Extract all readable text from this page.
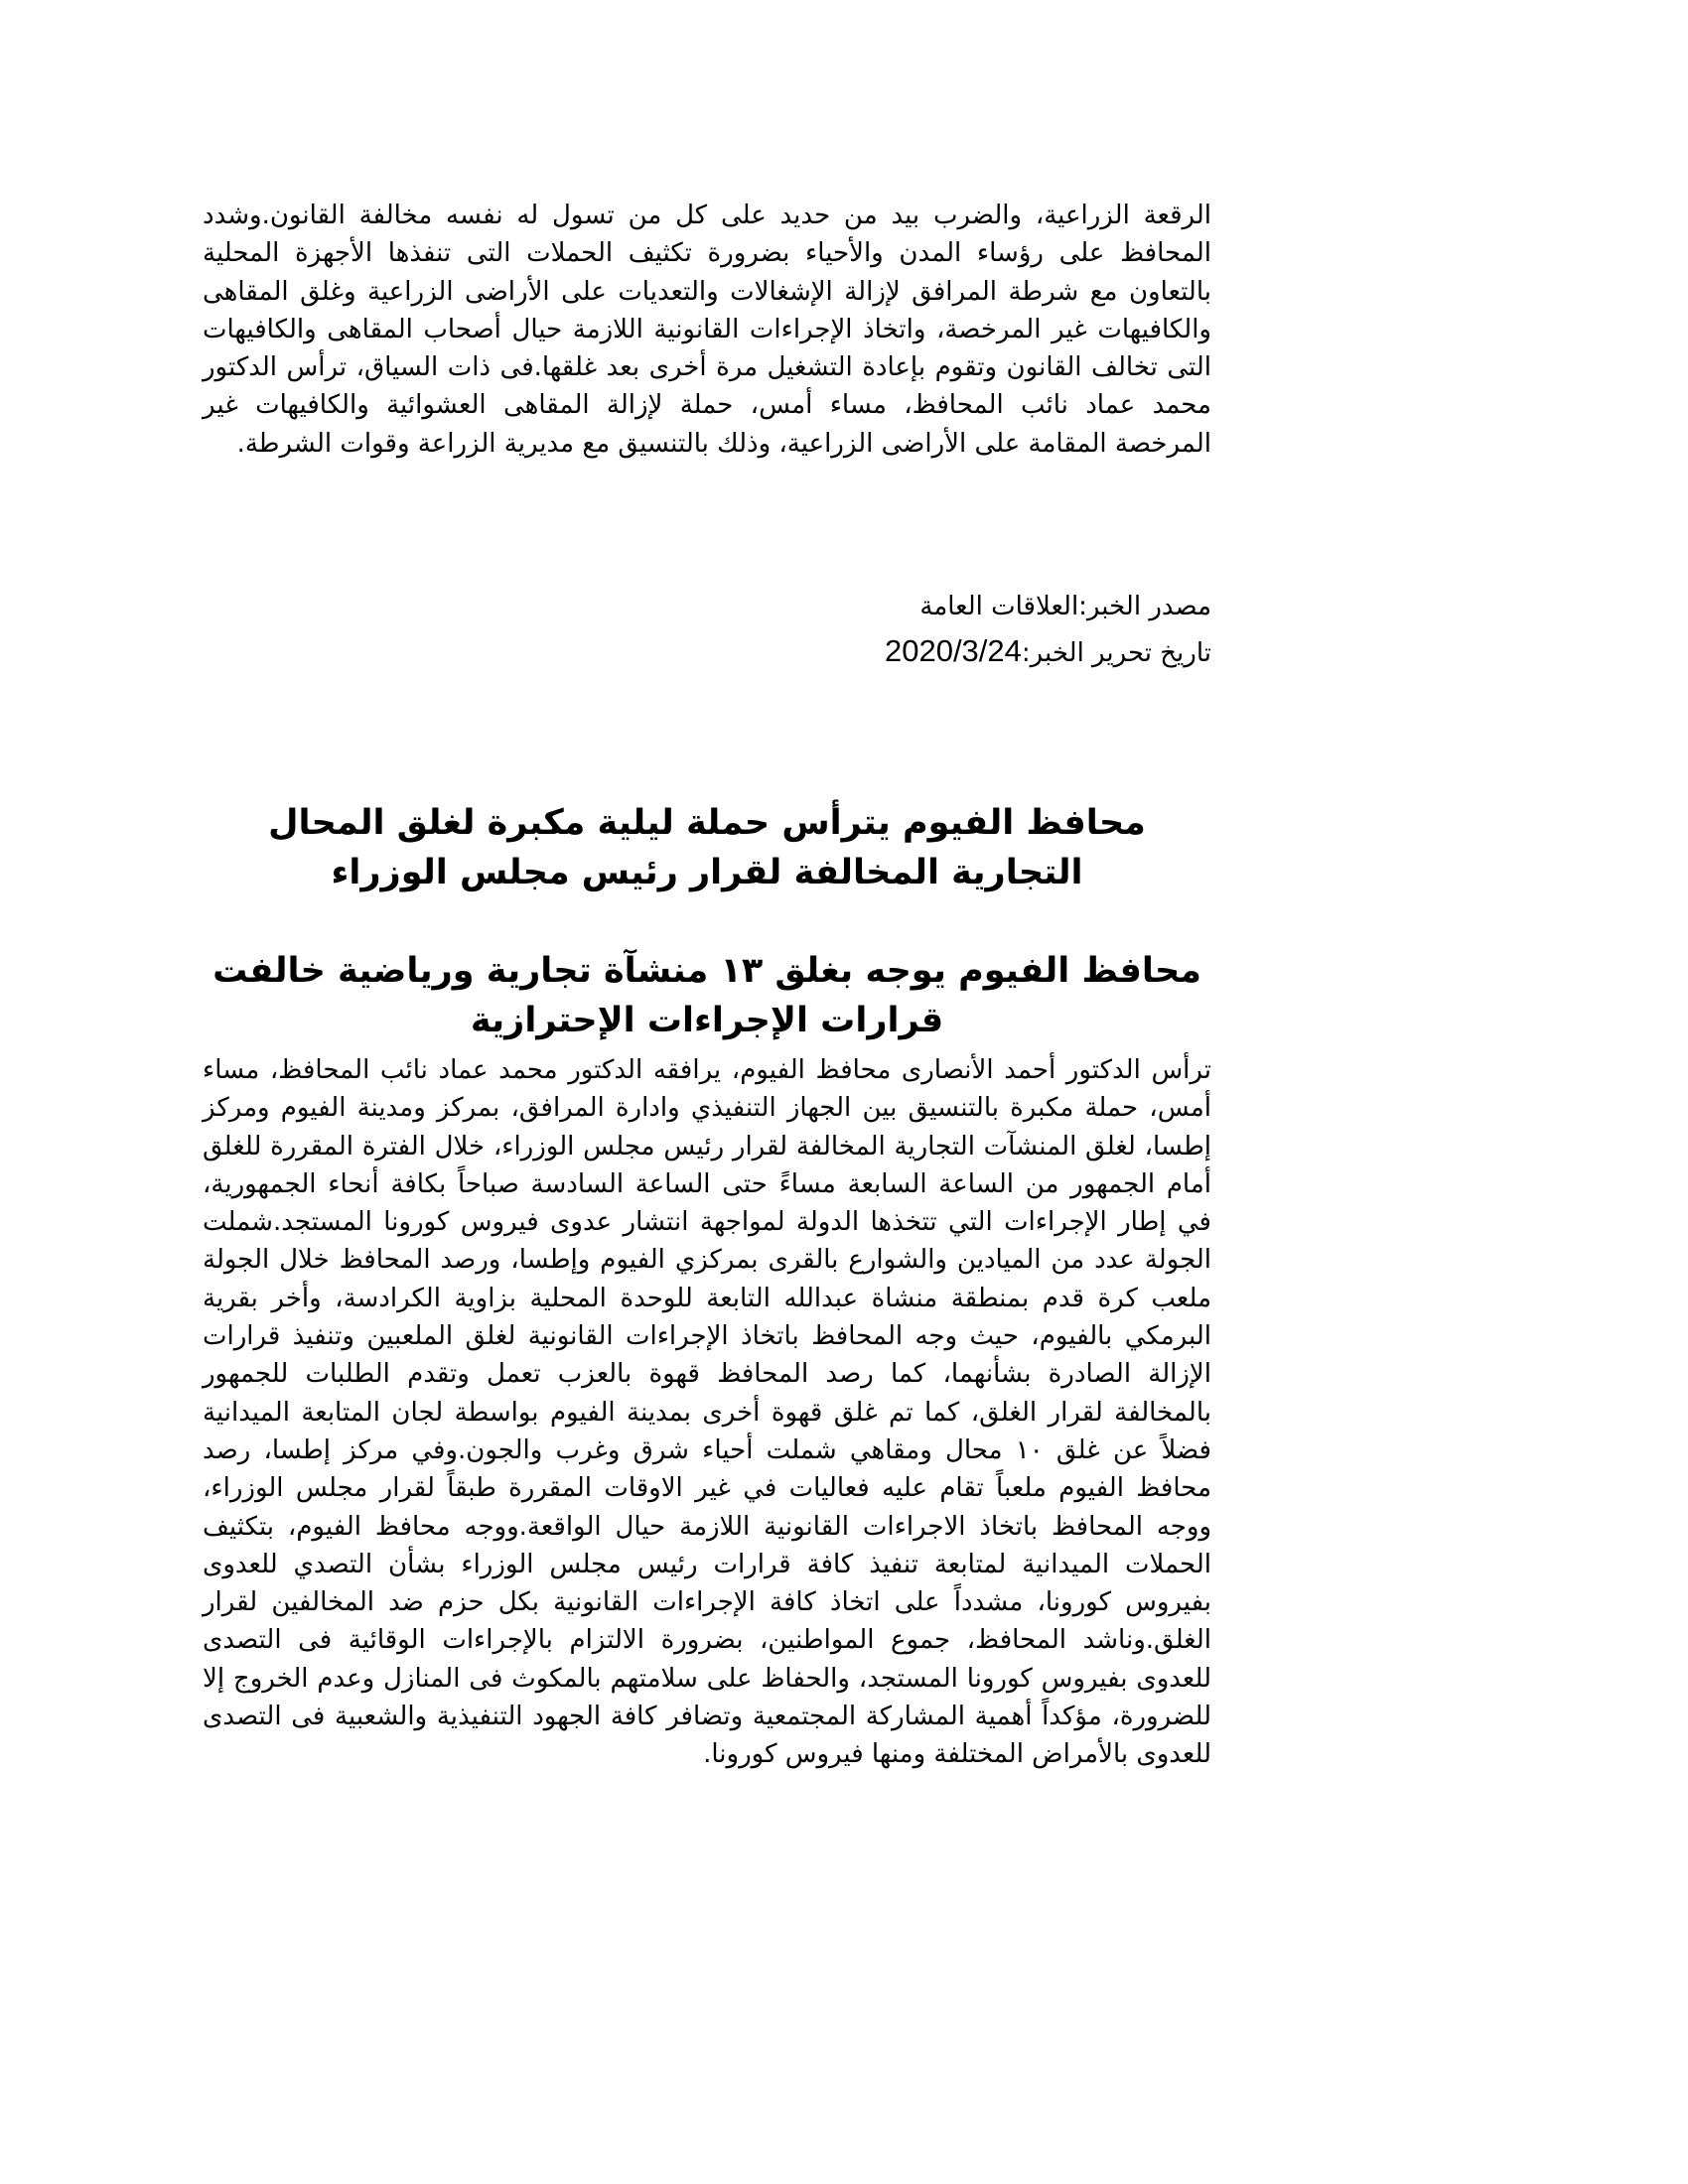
الرقعة الزراعية، والضرب بيد من حديد على كل من تسول له نفسه مخالفة القانون.وشدد المحافظ على رؤساء المدن والأحياء بضرورة تكثيف الحملات التى تنفذها الأجهزة المحلية بالتعاون مع شرطة المرافق لإزالة الإشغالات والتعديات على الأراضى الزراعية وغلق المقاهى والكافيهات غير المرخصة، واتخاذ الإجراءات القانونية اللازمة حيال أصحاب المقاهى والكافيهات التى تخالف القانون وتقوم بإعادة التشغيل مرة أخرى بعد غلقها.فى ذات السياق، ترأس الدكتور محمد عماد نائب المحافظ، مساء أمس، حملة لإزالة المقاهى العشوائية والكافيهات غير المرخصة المقامة على الأراضى الزراعية، وذلك بالتنسيق مع مديرية الزراعة وقوات الشرطة.

مصدر الخبر:العلاقات العامة

تاريخ تحرير الخبر:2020/3/24

محافظ الفيوم يترأس حملة ليلية مكبرة لغلق المحال التجارية المخالفة لقرار رئيس مجلس الوزراء
محافظ الفيوم يوجه بغلق ١٣ منشآة تجارية ورياضية خالفت قرارات الإجراءات الإحترازية

ترأس الدكتور أحمد الأنصارى محافظ الفيوم، يرافقه الدكتور محمد عماد نائب المحافظ، مساء أمس، حملة مكبرة بالتنسيق بين الجهاز التنفيذي وادارة المرافق، بمركز ومدينة الفيوم ومركز إطسا، لغلق المنشآت التجارية المخالفة لقرار رئيس مجلس الوزراء، خلال الفترة المقررة للغلق أمام الجمهور من الساعة السابعة مساءً حتى الساعة السادسة صباحاً بكافة أنحاء الجمهورية، في إطار الإجراءات التي تتخذها الدولة لمواجهة انتشار عدوى فيروس كورونا المستجد.شملت الجولة عدد من الميادين والشوارع بالقرى بمركزي الفيوم وإطسا، ورصد المحافظ خلال الجولة ملعب كرة قدم بمنطقة منشاة عبدالله التابعة للوحدة المحلية بزاوية الكرادسة، وأخر بقرية البرمكي بالفيوم، حيث وجه المحافظ باتخاذ الإجراءات القانونية لغلق الملعبين وتنفيذ قرارات الإزالة الصادرة بشأنهما، كما رصد المحافظ قهوة بالعزب تعمل وتقدم الطلبات للجمهور بالمخالفة لقرار الغلق، كما تم غلق قهوة أخرى بمدينة الفيوم بواسطة لجان المتابعة الميدانية فضلاً عن غلق ١٠ محال ومقاهي شملت أحياء شرق وغرب والجون.وفي مركز إطسا، رصد محافظ الفيوم ملعباً تقام عليه فعاليات في غير الاوقات المقررة طبقاً لقرار مجلس الوزراء، ووجه المحافظ باتخاذ الاجراءات القانونية اللازمة حيال الواقعة.ووجه محافظ الفيوم، بتكثيف الحملات الميدانية لمتابعة تنفيذ كافة قرارات رئيس مجلس الوزراء بشأن التصدي للعدوى بفيروس كورونا، مشدداً على اتخاذ كافة الإجراءات القانونية بكل حزم ضد المخالفين لقرار الغلق.وناشد المحافظ، جموع المواطنين، بضرورة الالتزام بالإجراءات الوقائية فى التصدى للعدوى بفيروس كورونا المستجد، والحفاظ على سلامتهم بالمكوث فى المنازل وعدم الخروج إلا للضرورة، مؤكداً أهمية المشاركة المجتمعية وتضافر كافة الجهود التنفيذية والشعبية فى التصدى للعدوى بالأمراض المختلفة ومنها فيروس كورونا.
